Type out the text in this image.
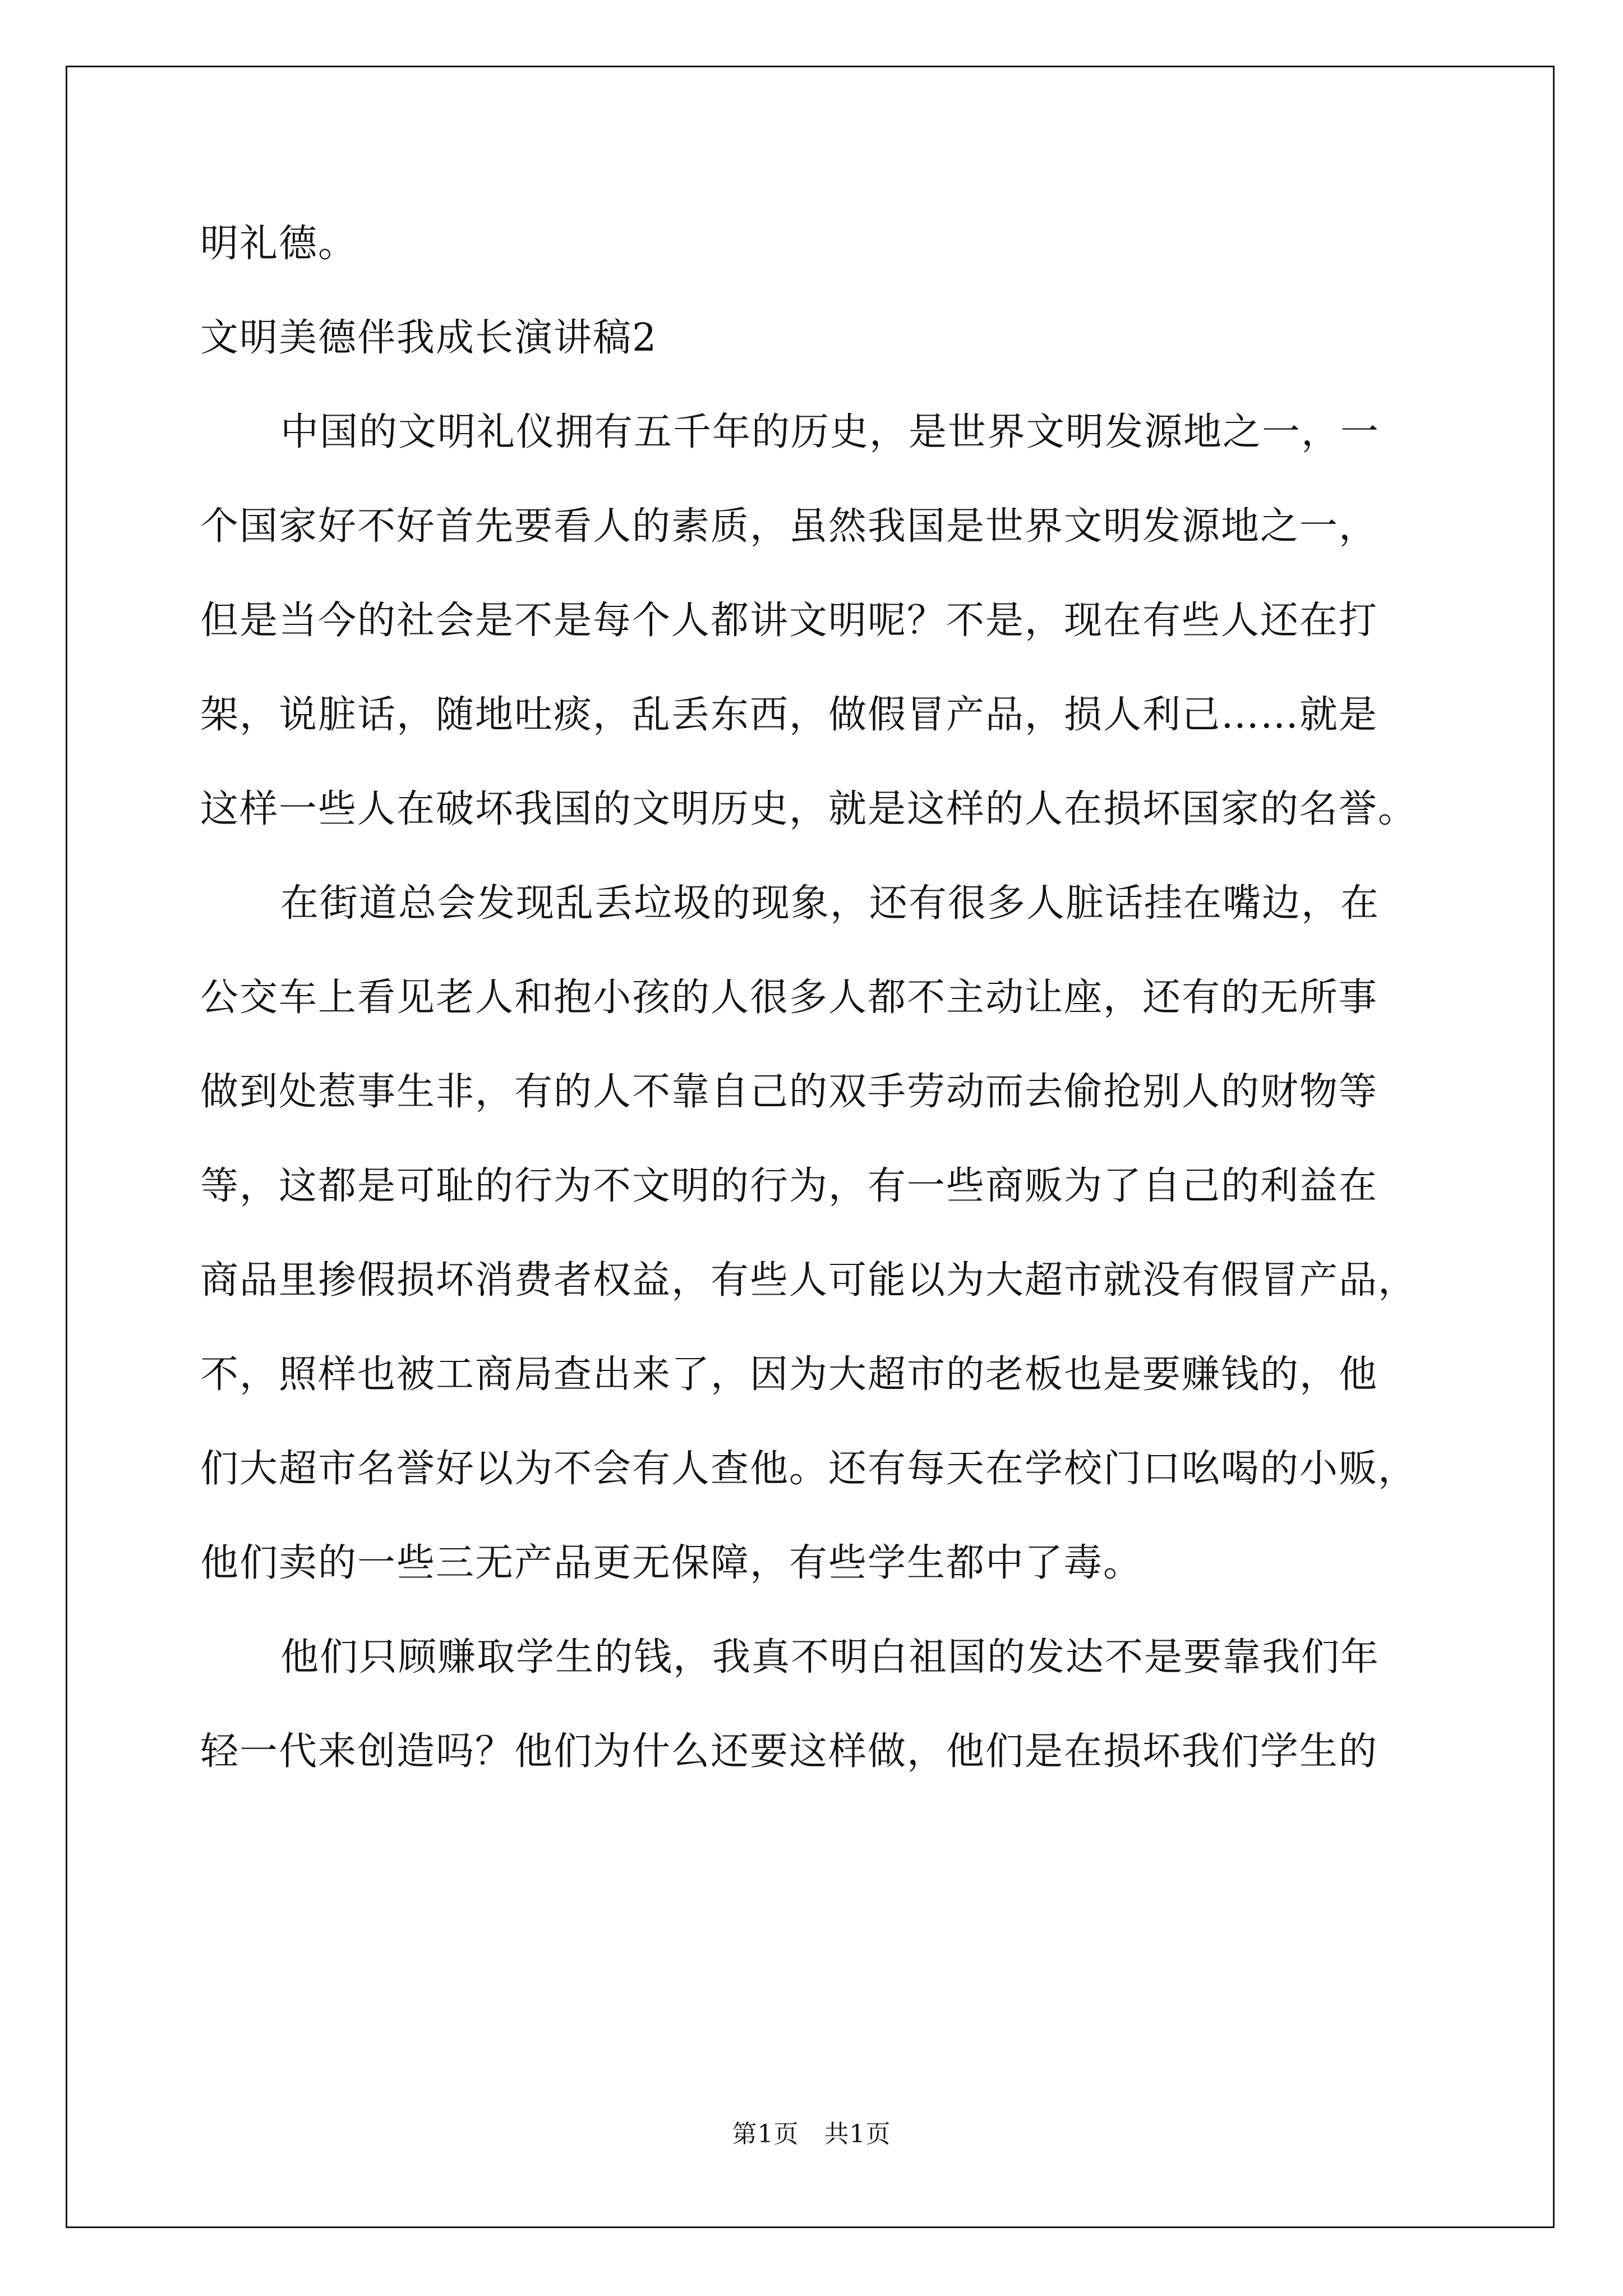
明礼德。
文明美德伴我成长演讲稿2
中国的文明礼仪拥有五千年的历史，是世界文明发源地之一，一
个国家好不好首先要看人的素质，虽然我国是世界文明发源地之一，
但是当今的社会是不是每个人都讲文明呢？不是，现在有些人还在打
架，说脏话，随地吐痰，乱丢东西，做假冒产品，损人利己……就是
这样一些人在破坏我国的文明历史，就是这样的人在损坏国家的名誉。
在街道总会发现乱丢垃圾的现象，还有很多人脏话挂在嘴边，在
公交车上看见老人和抱小孩的人很多人都不主动让座，还有的无所事
做到处惹事生非，有的人不靠自己的双手劳动而去偷抢别人的财物等
等，这都是可耻的行为不文明的行为，有一些商贩为了自己的利益在
商品里掺假损坏消费者权益，有些人可能以为大超市就没有假冒产品，
不，照样也被工商局查出来了，因为大超市的老板也是要赚钱的，他
们大超市名誉好以为不会有人查他。还有每天在学校门口吆喝的小贩，
他们卖的一些三无产品更无保障，有些学生都中了毒。
他们只顾赚取学生的钱，我真不明白祖国的发达不是要靠我们年
轻一代来创造吗？他们为什么还要这样做，他们是在损坏我们学生的
第1页　共1页
